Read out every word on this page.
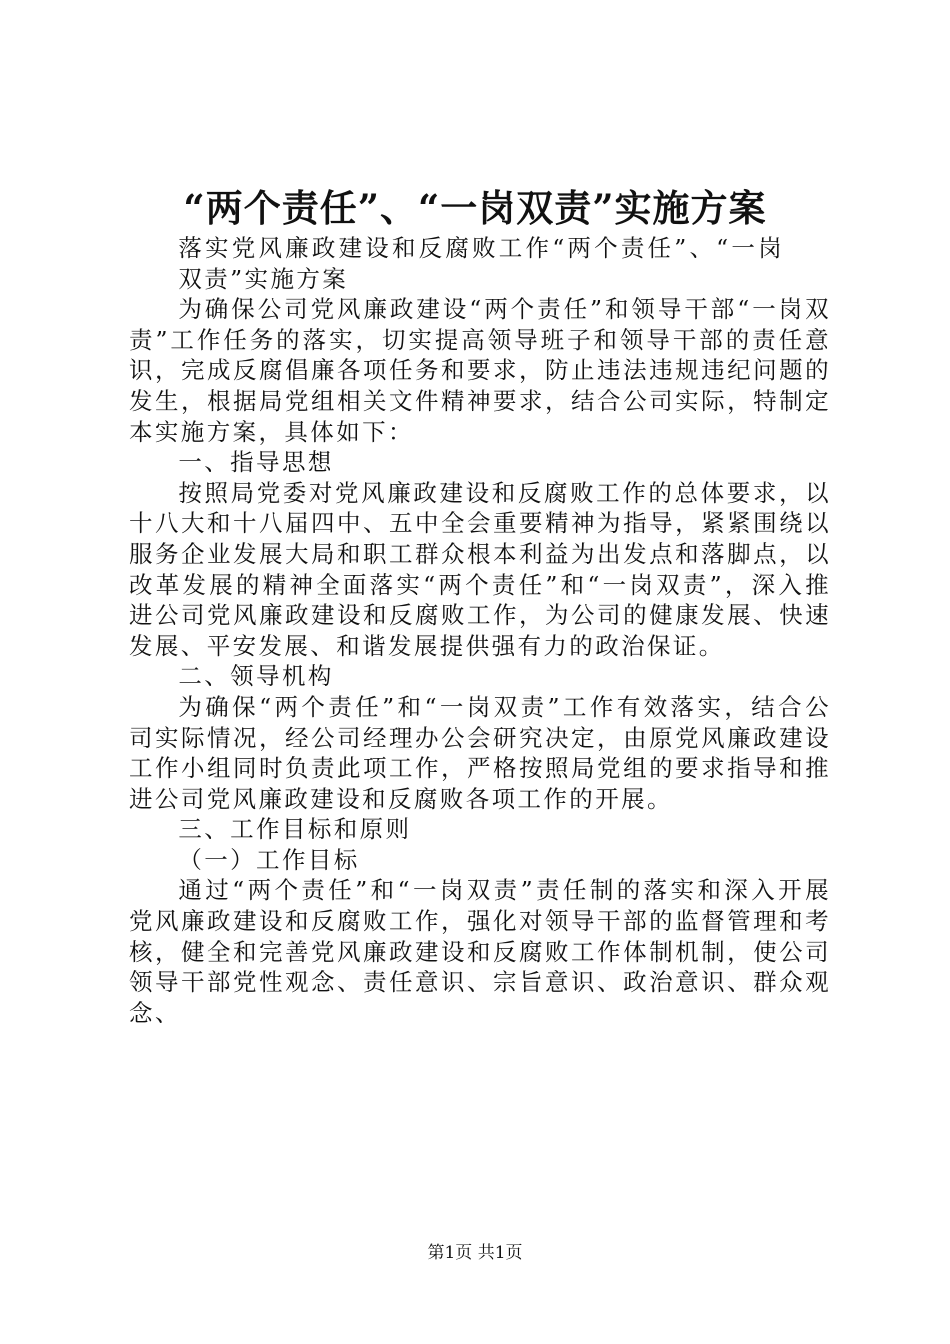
“两个责任”、“一岗双责”实施方案

落实党风廉政建设和反腐败工作“两个责任”、“一岗双责”实施方案

为确保公司党风廉政建设“两个责任”和领导干部“一岗双责”工作任务的落实，切实提高领导班子和领导干部的责任意识，完成反腐倡廉各项任务和要求，防止违法违规违纪问题的发生，根据局党组相关文件精神要求，结合公司实际，特制定本实施方案，具体如下：

一、指导思想

按照局党委对党风廉政建设和反腐败工作的总体要求，以十八大和十八届四中、五中全会重要精神为指导，紧紧围绕以服务企业发展大局和职工群众根本利益为出发点和落脚点，以改革发展的精神全面落实“两个责任”和“一岗双责”，深入推进公司党风廉政建设和反腐败工作，为公司的健康发展、快速发展、平安发展、和谐发展提供强有力的政治保证。

二、领导机构

为确保“两个责任”和“一岗双责”工作有效落实，结合公司实际情况，经公司经理办公会研究决定，由原党风廉政建设工作小组同时负责此项工作，严格按照局党组的要求指导和推进公司党风廉政建设和反腐败各项工作的开展。

三、工作目标和原则

（一）工作目标

通过“两个责任”和“一岗双责”责任制的落实和深入开展党风廉政建设和反腐败工作，强化对领导干部的监督管理和考核，健全和完善党风廉政建设和反腐败工作体制机制，使公司领导干部党性观念、责任意识、宗旨意识、政治意识、群众观念、

第1页 共1页
